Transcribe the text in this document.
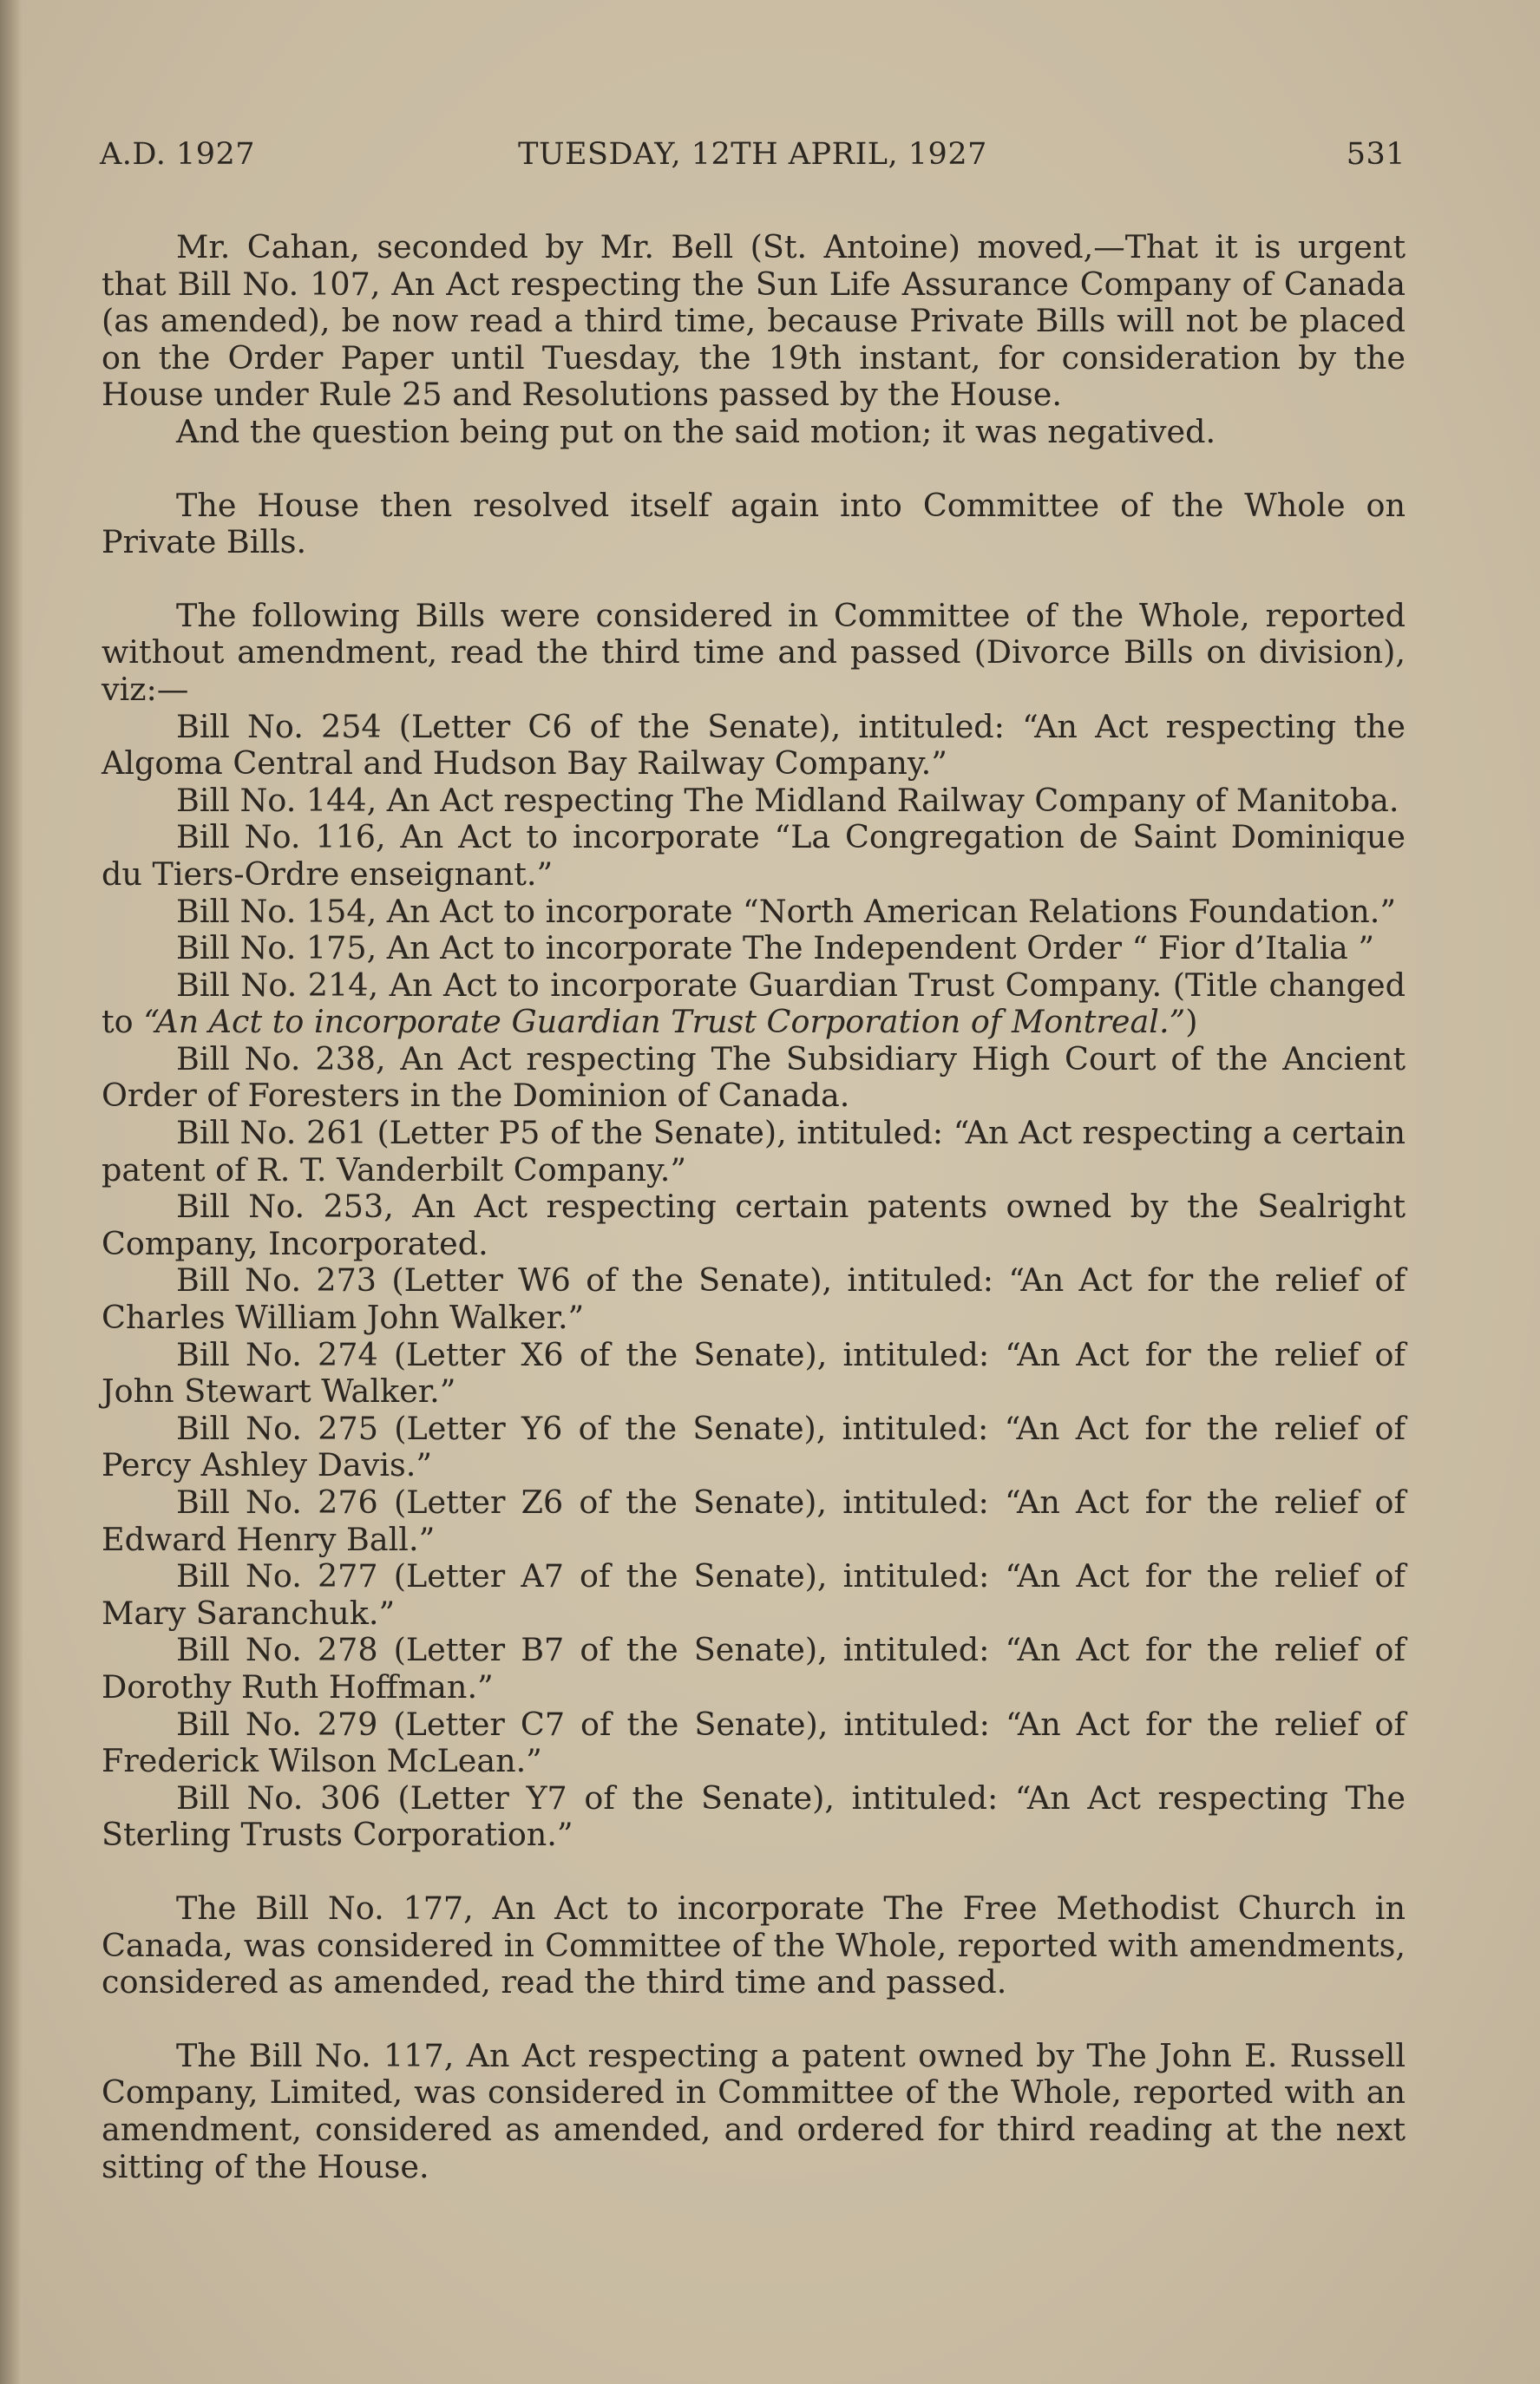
A.D. 1927	TUESDAY, 12TH APRIL, 1927	531

Mr. Cahan, seconded by Mr. Bell (St. Antoine) moved,—That it is urgent that Bill No. 107, An Act respecting the Sun Life Assurance Company of Canada (as amended), be now read a third time, because Private Bills will not be placed on the Order Paper until Tuesday, the 19th instant, for consideration by the House under Rule 25 and Resolutions passed by the House.

And the question being put on the said motion; it was negatived.

The House then resolved itself again into Committee of the Whole on Private Bills.

The following Bills were considered in Committee of the Whole, reported without amendment, read the third time and passed (Divorce Bills on division), viz:—

Bill No. 254 (Letter C6 of the Senate), intituled: “An Act respecting the Algoma Central and Hudson Bay Railway Company.”

Bill No. 144, An Act respecting The Midland Railway Company of Manitoba.

Bill No. 116, An Act to incorporate “La Congregation de Saint Dominique du Tiers-Ordre enseignant.”

Bill No. 154, An Act to incorporate “North American Relations Foundation.”

Bill No. 175, An Act to incorporate The Independent Order “ Fior d’Italia ”

Bill No. 214, An Act to incorporate Guardian Trust Company. (Title changed to “An Act to incorporate Guardian Trust Corporation of Montreal.”)

Bill No. 238, An Act respecting The Subsidiary High Court of the Ancient Order of Foresters in the Dominion of Canada.

Bill No. 261 (Letter P5 of the Senate), intituled: “An Act respecting a certain patent of R. T. Vanderbilt Company.”

Bill No. 253, An Act respecting certain patents owned by the Sealright Company, Incorporated.

Bill No. 273 (Letter W6 of the Senate), intituled: “An Act for the relief of Charles William John Walker.”

Bill No. 274 (Letter X6 of the Senate), intituled: “An Act for the relief of John Stewart Walker.”

Bill No. 275 (Letter Y6 of the Senate), intituled: “An Act for the relief of Percy Ashley Davis.”

Bill No. 276 (Letter Z6 of the Senate), intituled: “An Act for the relief of Edward Henry Ball.”

Bill No. 277 (Letter A7 of the Senate), intituled: “An Act for the relief of Mary Saranchuk.”

Bill No. 278 (Letter B7 of the Senate), intituled: “An Act for the relief of Dorothy Ruth Hoffman.”

Bill No. 279 (Letter C7 of the Senate), intituled: “An Act for the relief of Frederick Wilson McLean.”

Bill No. 306 (Letter Y7 of the Senate), intituled: “An Act respecting The Sterling Trusts Corporation.”

The Bill No. 177, An Act to incorporate The Free Methodist Church in Canada, was considered in Committee of the Whole, reported with amendments, considered as amended, read the third time and passed.

The Bill No. 117, An Act respecting a patent owned by The John E. Russell Company, Limited, was considered in Committee of the Whole, reported with an amendment, considered as amended, and ordered for third reading at the next sitting of the House.
